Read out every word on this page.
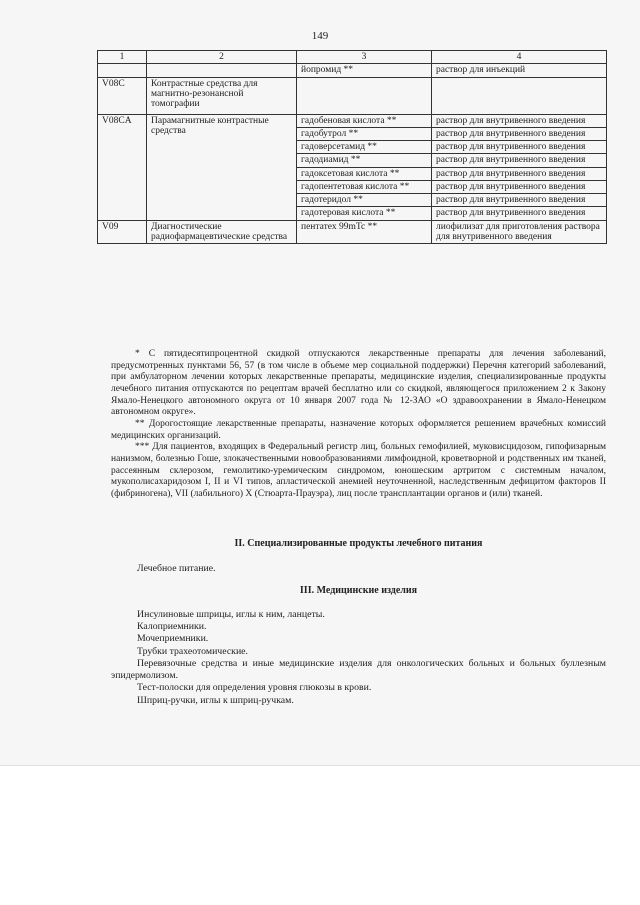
149
1	2	3	4
		йопромид **	раствор для инъекций
V08C	Контрастные средства для магнитно-резонансной томографии		
V08CA	Парамагнитные контрастные средства	гадобеновая кислота **	раствор для внутривенного введения
		гадобутрол **	раствор для внутривенного введения
		гадоверсетамид **	раствор для внутривенного введения
		гадодиамид **	раствор для внутривенного введения
		гадоксетовая кислота **	раствор для внутривенного введения
		гадопентетовая кислота **	раствор для внутривенного введения
		гадотеридол **	раствор для внутривенного введения
		гадотеровая кислота **	раствор для внутривенного введения
V09	Диагностические радиофармацевтические средства	пентатех 99mTc **	лиофилизат для приготовления раствора для внутривенного введения

* С пятидесятипроцентной скидкой отпускаются лекарственные препараты для лечения заболеваний, предусмотренных пунктами 56, 57 (в том числе в объеме мер социальной поддержки) Перечня категорий заболеваний, при амбулаторном лечении которых лекарственные препараты, медицинские изделия, специализированные продукты лечебного питания отпускаются по рецептам врачей бесплатно или со скидкой, являющегося приложением 2 к Закону Ямало-Ненецкого автономного округа от 10 января 2007 года № 12-ЗАО «О здравоохранении в Ямало-Ненецком автономном округе».

** Дорогостоящие лекарственные препараты, назначение которых оформляется решением врачебных комиссий медицинских организаций.

*** Для пациентов, входящих в Федеральный регистр лиц, больных гемофилией, муковисцидозом, гипофизарным нанизмом, болезнью Гоше, злокачественными новообразованиями лимфоидной, кроветворной и родственных им тканей, рассеянным склерозом, гемолитико-уремическим синдромом, юношеским артритом с системным началом, мукополисахаридозом I, II и VI типов, апластической анемией неуточненной, наследственным дефицитом факторов II (фибриногена), VII (лабильного) X (Стюарта-Прауэра), лиц после трансплантации органов и (или) тканей.

II. Специализированные продукты лечебного питания
Лечебное питание.
III. Медицинские изделия
Инсулиновые шприцы, иглы к ним, ланцеты.
Калоприемники.
Мочеприемники.
Трубки трахеотомические.
Перевязочные средства и иные медицинские изделия для онкологических больных и больных буллезным эпидермолизом.
Тест-полоски для определения уровня глюкозы в крови.
Шприц-ручки, иглы к шприц-ручкам.
